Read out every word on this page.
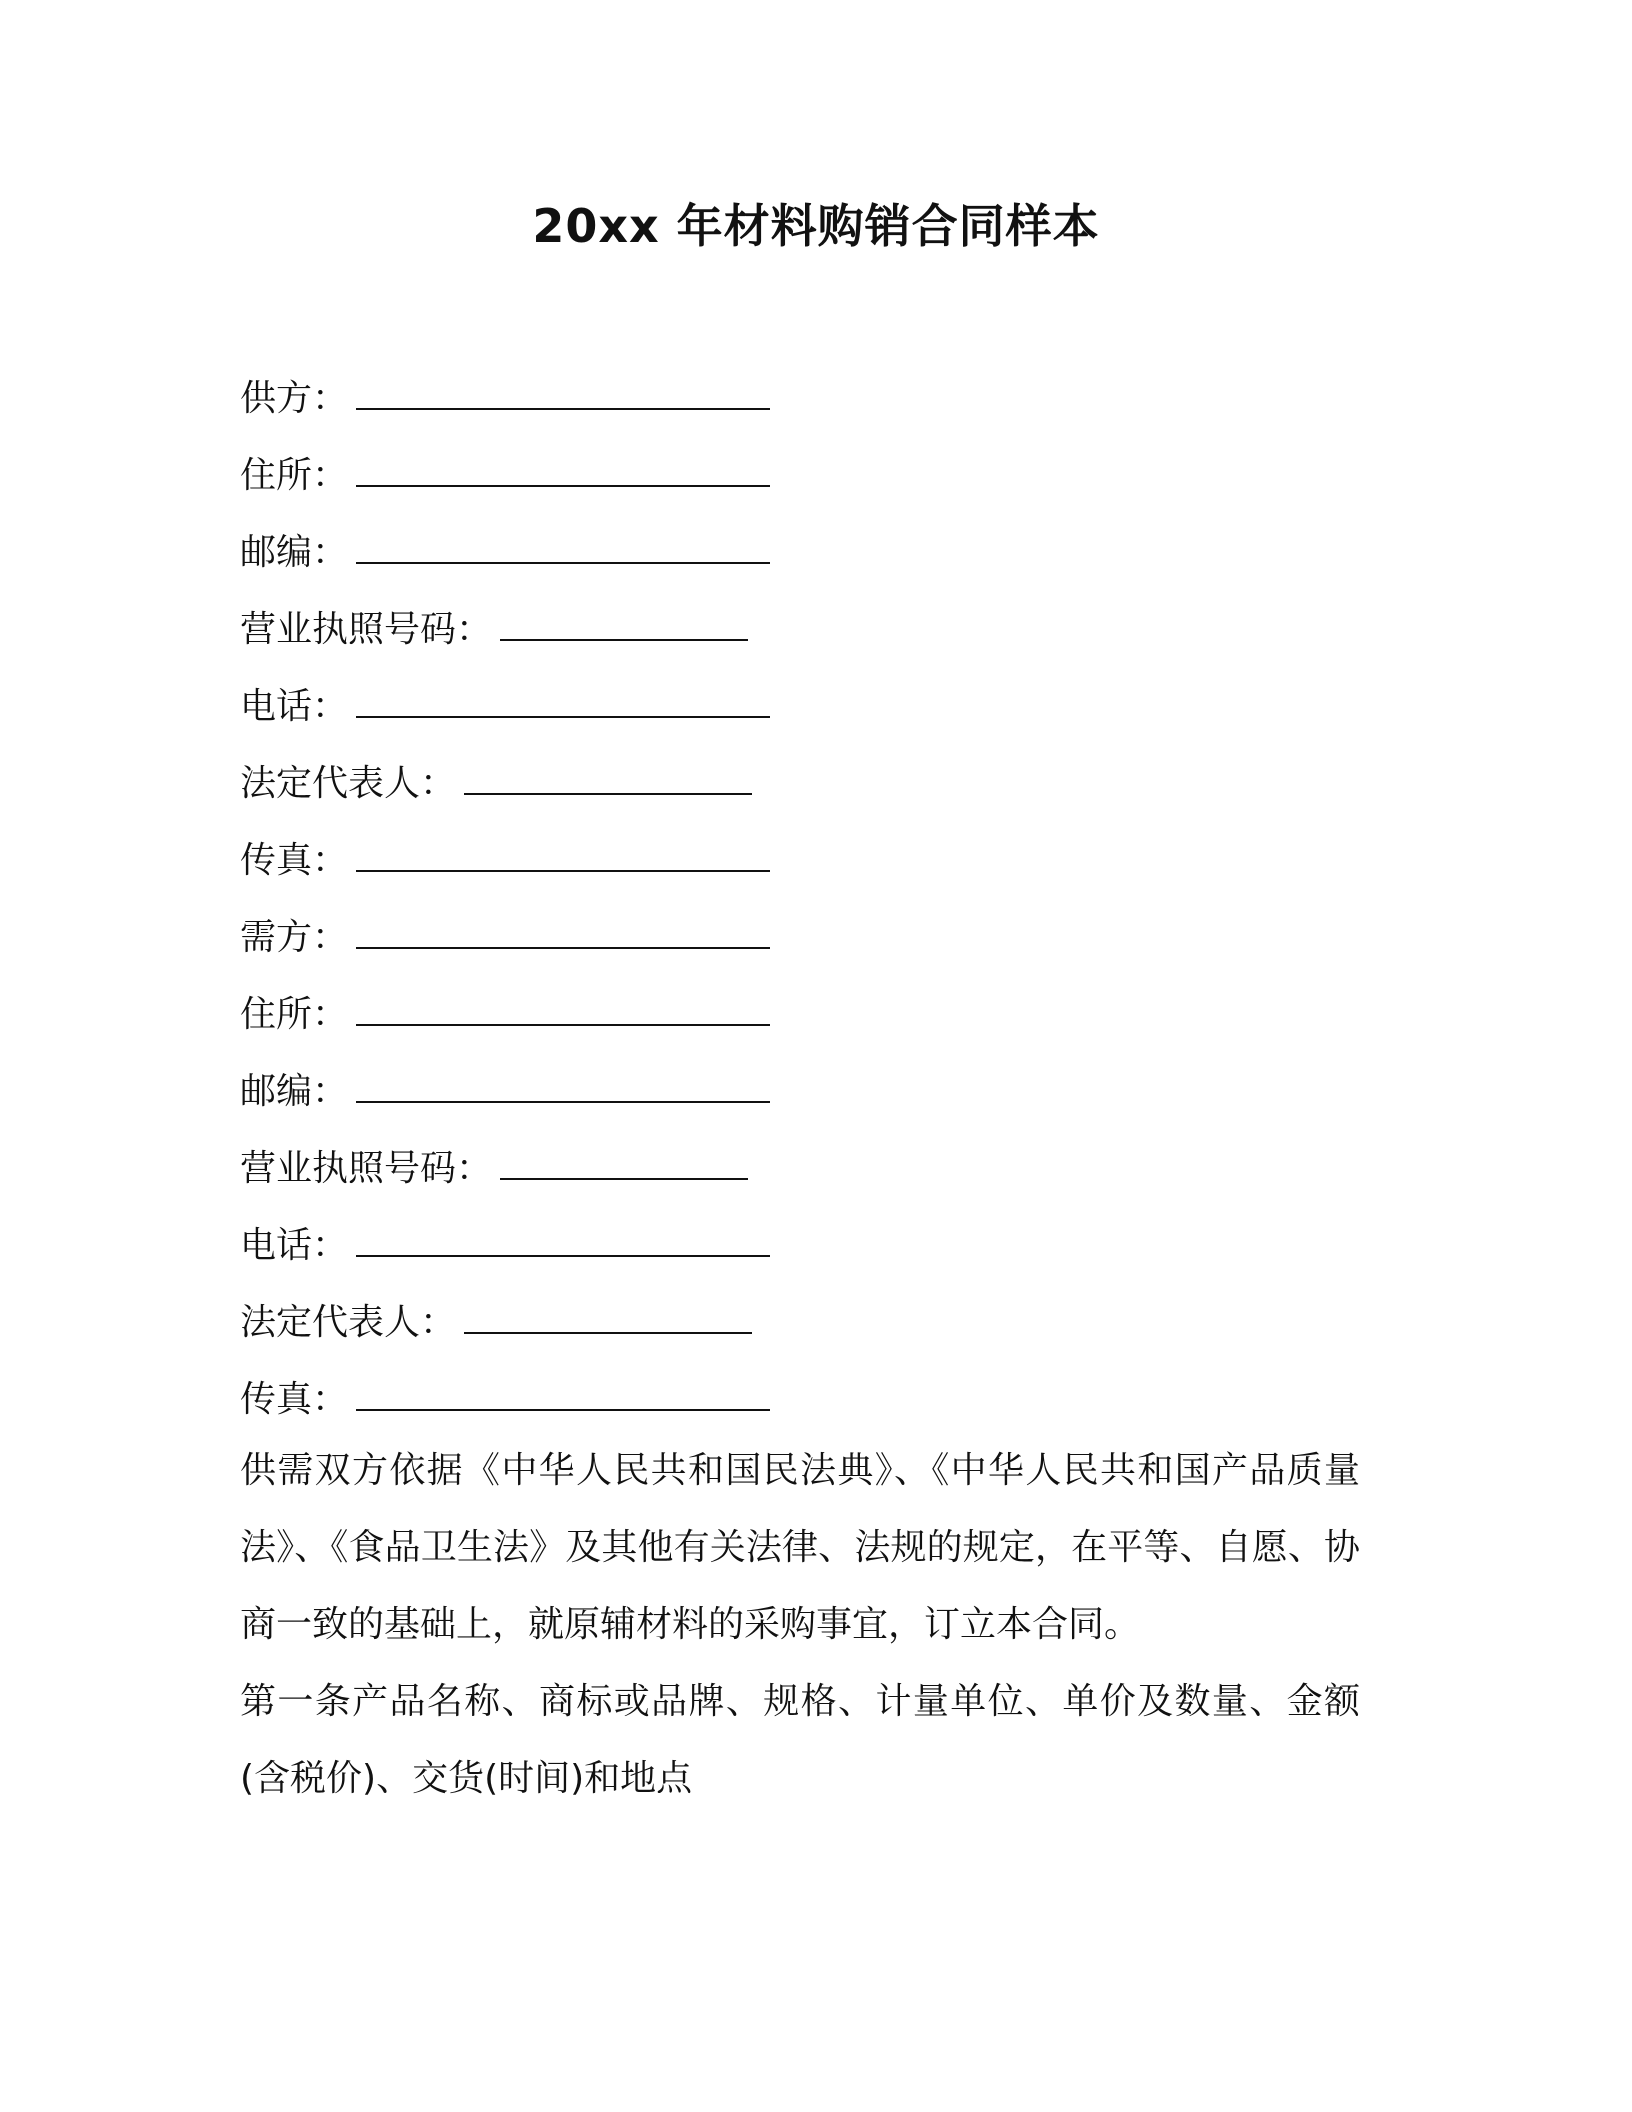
20xx 年材料购销合同样本
供方：
住所：
邮编：
营业执照号码：
电话：
法定代表人：
传真：
需方：
住所：
邮编：
营业执照号码：
电话：
法定代表人：
传真：

供需双方依据《中华人民共和国民法典》、《中华人民共和国产品质量法》、《食品卫生法》及其他有关法律、法规的规定，在平等、自愿、协商一致的基础上，就原辅材料的采购事宜，订立本合同。

第一条产品名称、商标或品牌、规格、计量单位、单价及数量、金额(含税价)、交货(时间)和地点
